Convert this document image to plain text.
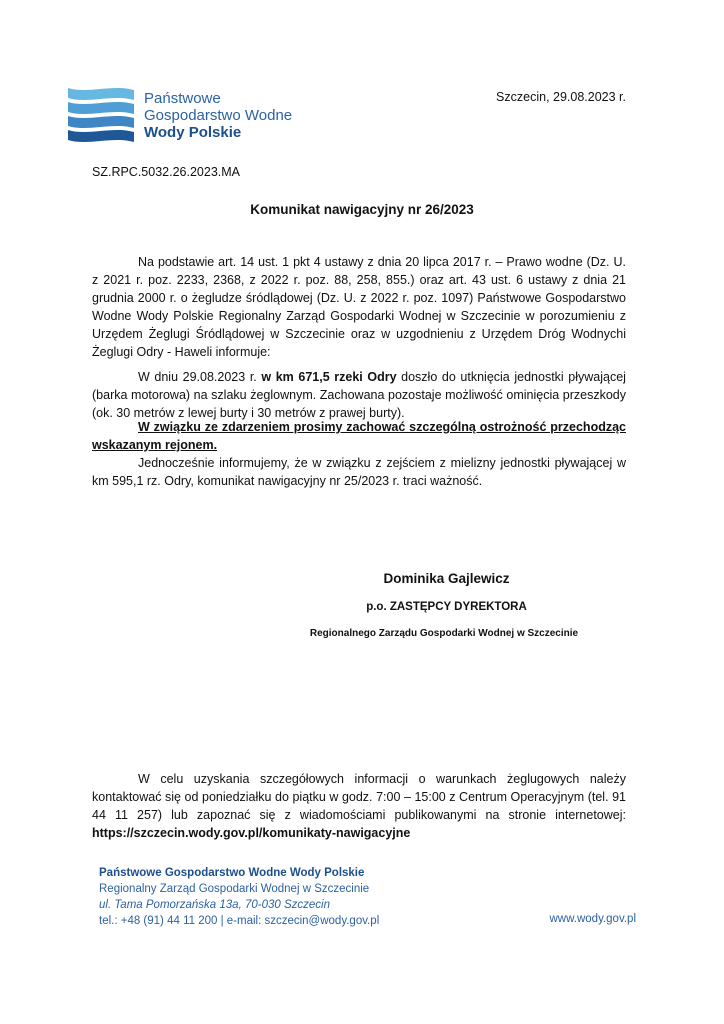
Państwowe
Gospodarstwo Wodne
Wody Polskie
Szczecin, 29.08.2023 r.
SZ.RPC.5032.26.2023.MA
Komunikat nawigacyjny nr 26/2023
Na podstawie art. 14 ust. 1 pkt 4 ustawy z dnia 20 lipca 2017 r. – Prawo wodne (Dz. U. z 2021 r. poz. 2233, 2368, z 2022 r. poz. 88, 258, 855.) oraz art. 43 ust. 6 ustawy z dnia 21 grudnia 2000 r. o żegludze śródlądowej (Dz. U. z 2022 r. poz. 1097) Państwowe Gospodarstwo Wodne Wody Polskie Regionalny Zarząd Gospodarki Wodnej w Szczecinie w porozumieniu z Urzędem Żeglugi Śródlądowej w Szczecinie oraz w uzgodnieniu z Urzędem Dróg Wodnychi Żeglugi Odry - Haweli informuje:
W dniu 29.08.2023 r. w km 671,5 rzeki Odry doszło do utknięcia jednostki pływającej (barka motorowa) na szlaku żeglownym. Zachowana pozostaje możliwość ominięcia przeszkody (ok. 30 metrów z lewej burty i 30 metrów z prawej burty).
W związku ze zdarzeniem prosimy zachować szczególną ostrożność przechodząc wskazanym rejonem.
Jednocześnie informujemy, że w związku z zejściem z mielizny jednostki pływającej w km 595,1 rz. Odry, komunikat nawigacyjny nr 25/2023 r. traci ważność.
Dominika Gajlewicz
p.o. ZASTĘPCY DYREKTORA
Regionalnego Zarządu Gospodarki Wodnej w Szczecinie
W celu uzyskania szczegółowych informacji o warunkach żeglugowych należy kontaktować się od poniedziałku do piątku w godz. 7:00 – 15:00 z Centrum Operacyjnym (tel. 91 44 11 257) lub zapoznać się z wiadomościami publikowanymi na stronie internetowej: https://szczecin.wody.gov.pl/komunikaty-nawigacyjne
Państwowe Gospodarstwo Wodne Wody Polskie
Regionalny Zarząd Gospodarki Wodnej w Szczecinie
ul. Tama Pomorzańska 13a, 70-030 Szczecin
tel.: +48 (91) 44 11 200 | e-mail: szczecin@wody.gov.pl	www.wody.gov.pl
